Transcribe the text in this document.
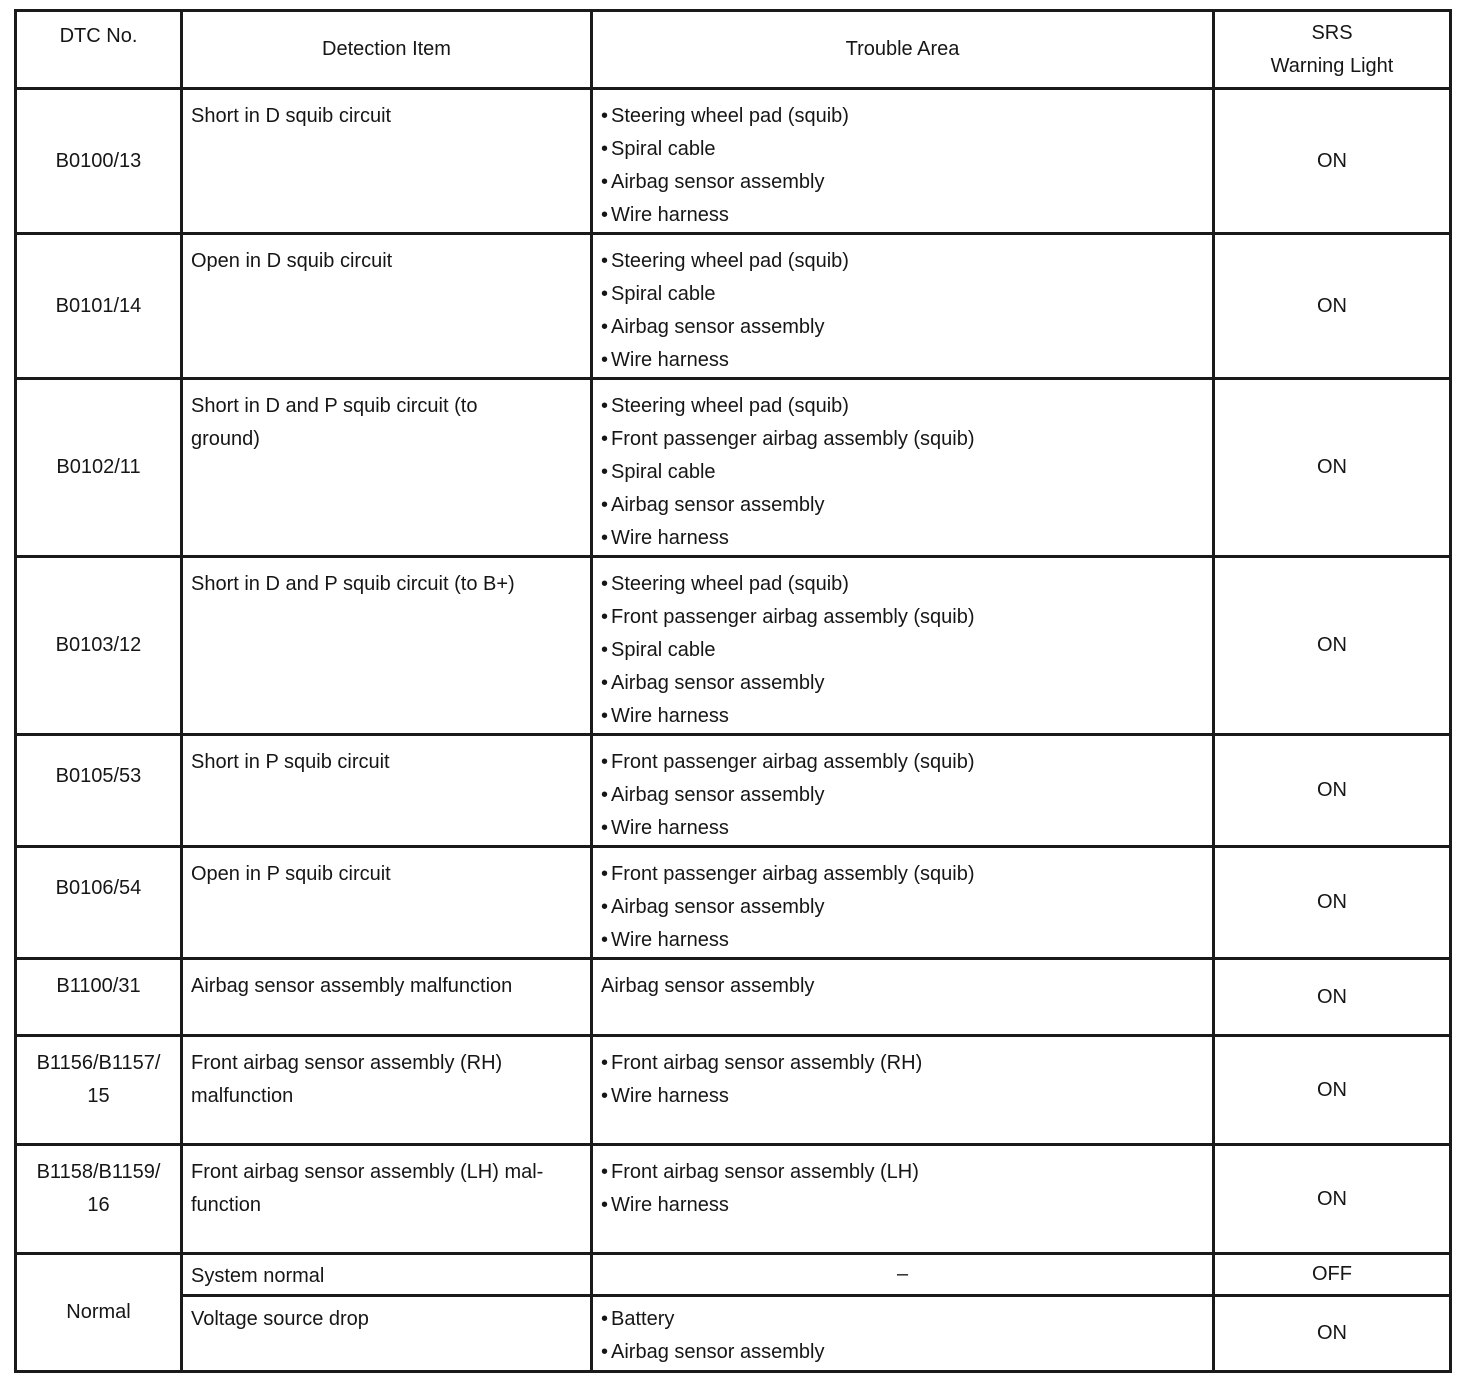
DTC No.	Detection Item	Trouble Area	SRS
Warning Light

B0100/13	Short in D squib circuit	• Steering wheel pad (squib)
• Spiral cable
• Airbag sensor assembly
• Wire harness	ON
B0101/14	Open in D squib circuit	• Steering wheel pad (squib)
• Spiral cable
• Airbag sensor assembly
• Wire harness	ON
B0102/11	Short in D and P squib circuit (to
ground)	• Steering wheel pad (squib)
• Front passenger airbag assembly (squib)
• Spiral cable
• Airbag sensor assembly
• Wire harness	ON
B0103/12	Short in D and P squib circuit (to B+)	• Steering wheel pad (squib)
• Front passenger airbag assembly (squib)
• Spiral cable
• Airbag sensor assembly
• Wire harness	ON
B0105/53	Short in P squib circuit	• Front passenger airbag assembly (squib)
• Airbag sensor assembly
• Wire harness	ON
B0106/54	Open in P squib circuit	• Front passenger airbag assembly (squib)
• Airbag sensor assembly
• Wire harness	ON
B1100/31	Airbag sensor assembly malfunction	Airbag sensor assembly	ON

B1156/B1157/
15	Front airbag sensor assembly (RH)
malfunction	• Front airbag sensor assembly (RH)
• Wire harness	ON

B1158/B1159/
16	Front airbag sensor assembly (LH) mal-
function	• Front airbag sensor assembly (LH)
• Wire harness	ON
Normal	System normal	–	OFF
	Voltage source drop	• Battery
• Airbag sensor assembly	ON
